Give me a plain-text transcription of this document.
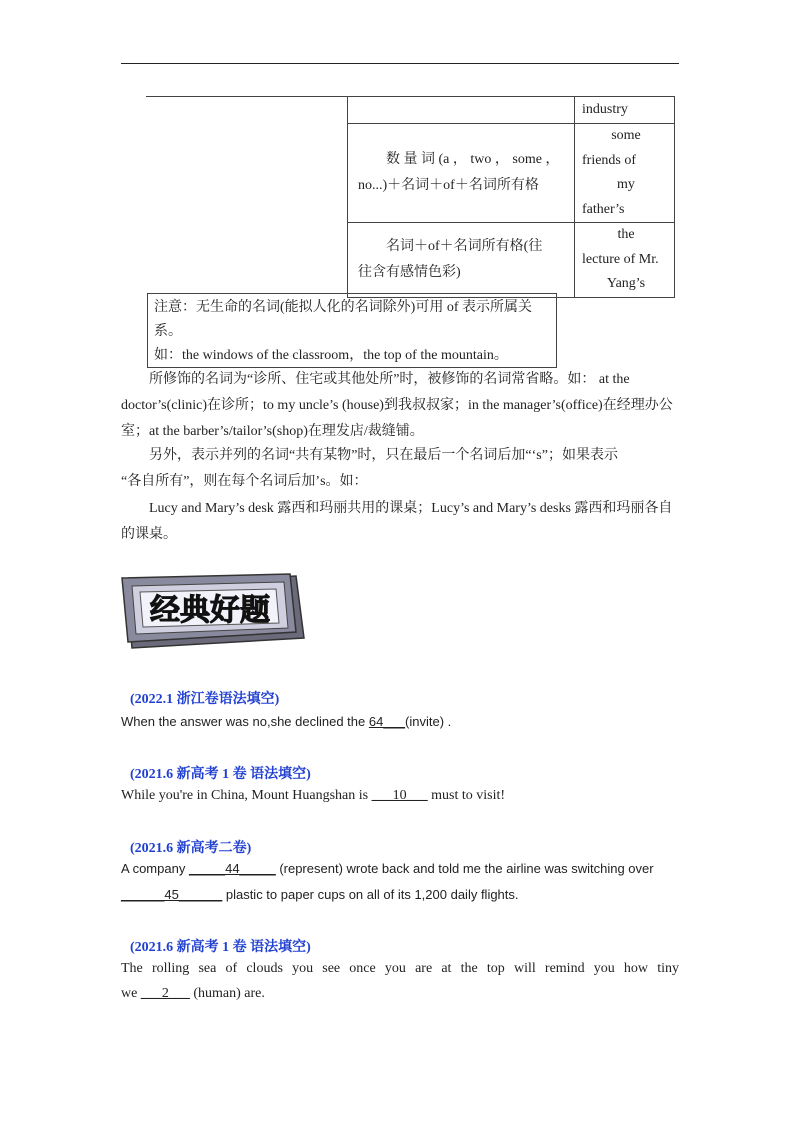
	industry

数 量 词 (a ， two ， some ，
no...)＋名词＋of＋名词所有格	some
friends of
my
father’s

名词＋of＋名词所有格(往
往含有感情色彩)	the
lecture of Mr.
Yang’s
注意：无生命的名词(能拟人化的名词除外)可用 of 表示所属关
系。
如：the windows of the classroom，the top of the mountain。
所修饰的名词为“诊所、住宅或其他处所”时，被修饰的名词常省略。如： at the
doctor’s(clinic)在诊所；to my uncle’s (house)到我叔叔家；in the manager’s(office)在经理办公
室；at the barber’s/tailor’s(shop)在理发店/裁缝铺。
另外，表示并列的名词“共有某物”时，只在最后一个名词后加“‘s”；如果表示
“各自所有”，则在每个名词后加’s。如：
Lucy and Mary’s desk 露西和玛丽共用的课桌；Lucy’s and Mary’s desks 露西和玛丽各自
的课桌。
经典好题
(2022.1 浙江卷语法填空)
When the answer was no,she declined the 64___(invite) .
(2021.6 新高考 1 卷 语法填空)
While you're in China, Mount Huangshan is ___10___ must to visit!
(2021.6 新高考二卷)
A company _____44_____ (represent) wrote back and told me the airline was switching over
______45______ plastic to paper cups on all of its 1,200 daily flights.
(2021.6 新高考 1 卷 语法填空)
The rolling sea of clouds you see once you are at the top will remind you how tiny
we ___2___ (human) are.
